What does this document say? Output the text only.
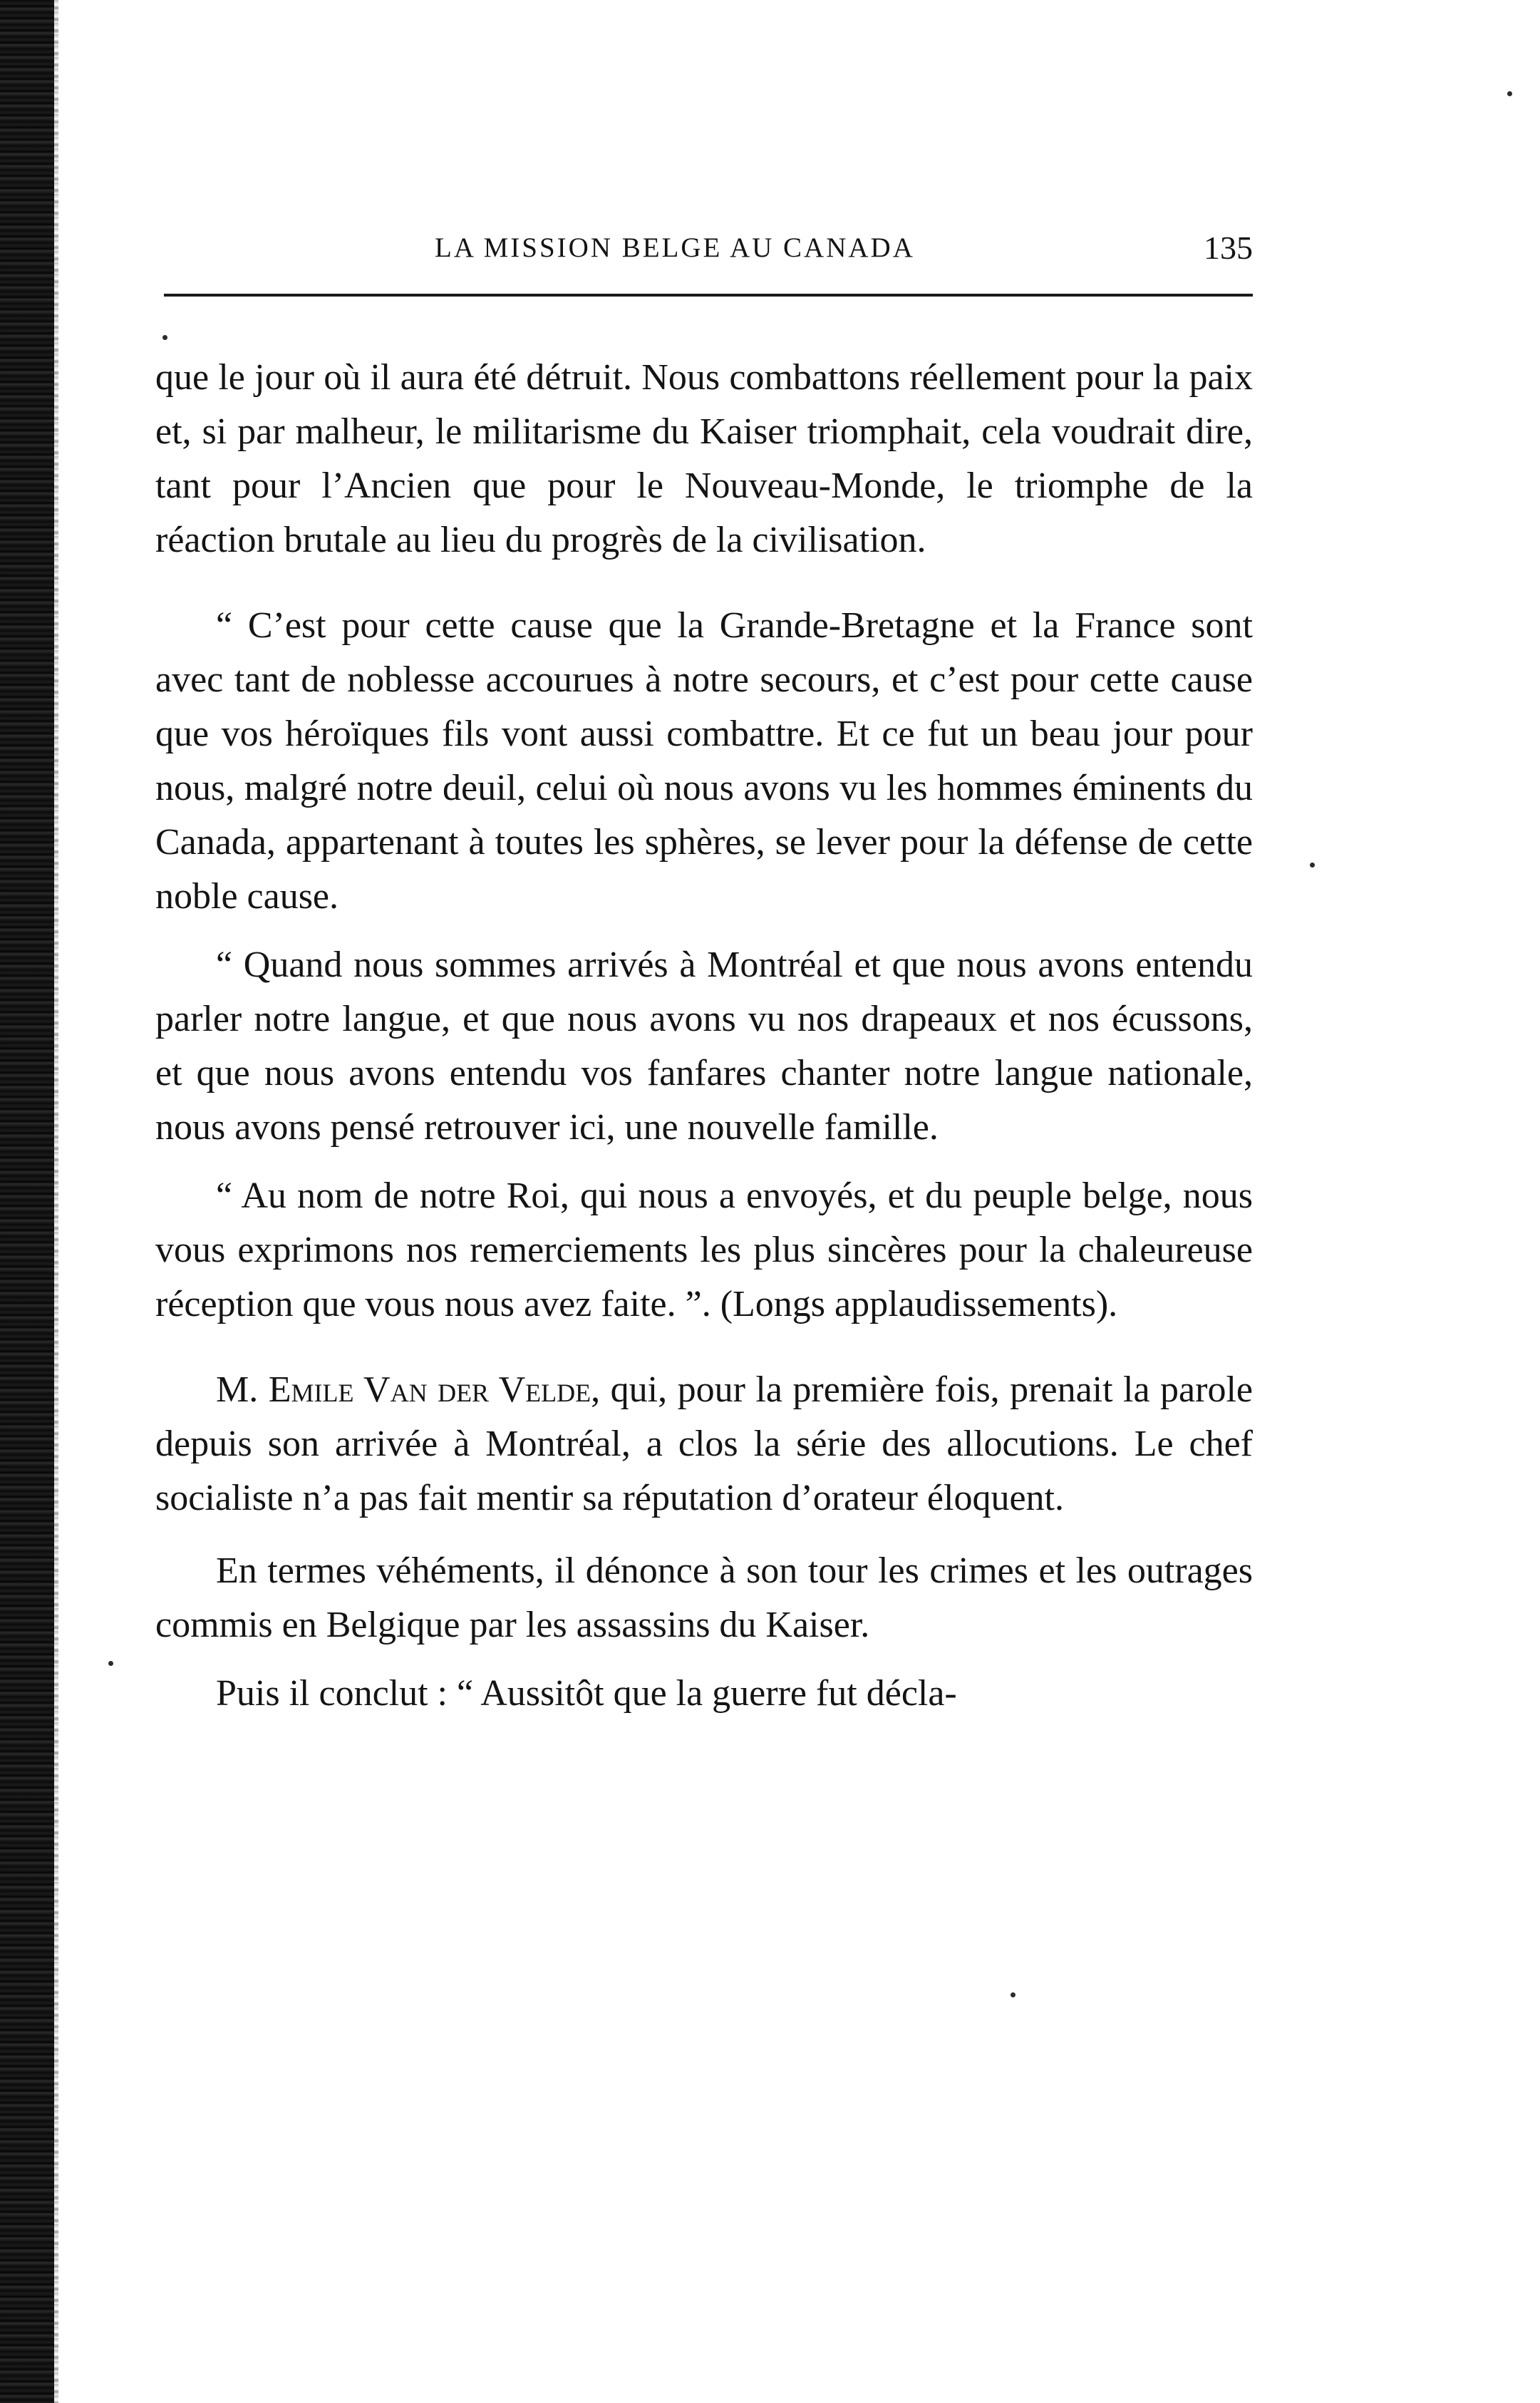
LA MISSION BELGE AU CANADA	135

que le jour où il aura été détruit. Nous combattons réellement pour la paix et, si par malheur, le militarisme du Kaiser triomphait, cela voudrait dire, tant pour l’Ancien que pour le Nouveau-Monde, le triomphe de la réaction brutale au lieu du progrès de la civilisation.

“ C’est pour cette cause que la Grande-Bretagne et la France sont avec tant de noblesse accourues à notre secours, et c’est pour cette cause que vos héroïques fils vont aussi combattre. Et ce fut un beau jour pour nous, malgré notre deuil, celui où nous avons vu les hommes éminents du Canada, appartenant à toutes les sphères, se lever pour la défense de cette noble cause.

“ Quand nous sommes arrivés à Montréal et que nous avons entendu parler notre langue, et que nous avons vu nos drapeaux et nos écussons, et que nous avons entendu vos fanfares chanter notre langue nationale, nous avons pensé retrouver ici, une nouvelle famille.

“ Au nom de notre Roi, qui nous a envoyés, et du peuple belge, nous vous exprimons nos remerciements les plus sincères pour la chaleureuse réception que vous nous avez faite. ”. (Longs applaudissements).

M. Emile Van der Velde, qui, pour la première fois, prenait la parole depuis son arrivée à Montréal, a clos la série des allocutions. Le chef socialiste n’a pas fait mentir sa réputation d’orateur éloquent.

En termes véhéments, il dénonce à son tour les crimes et les outrages commis en Belgique par les assassins du Kaiser.

Puis il conclut : “ Aussitôt que la guerre fut décla-
